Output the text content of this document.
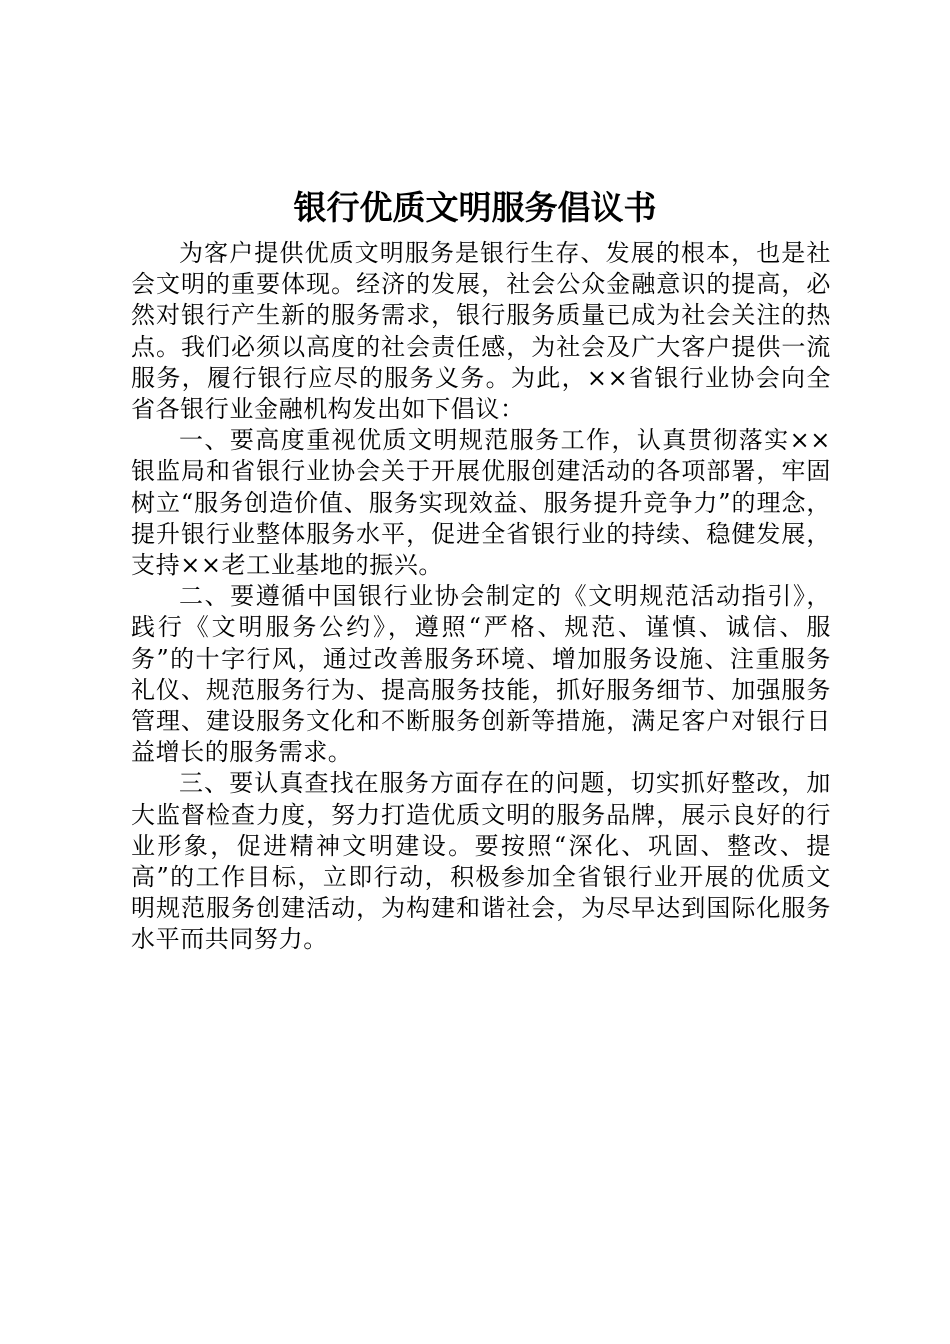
银行优质文明服务倡议书

为客户提供优质文明服务是银行生存、发展的根本，也是社会文明的重要体现。经济的发展，社会公众金融意识的提高，必然对银行产生新的服务需求，银行服务质量已成为社会关注的热点。我们必须以高度的社会责任感，为社会及广大客户提供一流服务，履行银行应尽的服务义务。为此，××省银行业协会向全省各银行业金融机构发出如下倡议：

一、要高度重视优质文明规范服务工作，认真贯彻落实××银监局和省银行业协会关于开展优服创建活动的各项部署，牢固树立“服务创造价值、服务实现效益、服务提升竞争力”的理念，提升银行业整体服务水平，促进全省银行业的持续、稳健发展，支持××老工业基地的振兴。

二、要遵循中国银行业协会制定的《文明规范活动指引》，践行《文明服务公约》，遵照“严格、规范、谨慎、诚信、服务”的十字行风，通过改善服务环境、增加服务设施、注重服务礼仪、规范服务行为、提高服务技能，抓好服务细节、加强服务管理、建设服务文化和不断服务创新等措施，满足客户对银行日益增长的服务需求。

三、要认真查找在服务方面存在的问题，切实抓好整改，加大监督检查力度，努力打造优质文明的服务品牌，展示良好的行业形象，促进精神文明建设。要按照“深化、巩固、整改、提高”的工作目标，立即行动，积极参加全省银行业开展的优质文明规范服务创建活动，为构建和谐社会，为尽早达到国际化服务水平而共同努力。
